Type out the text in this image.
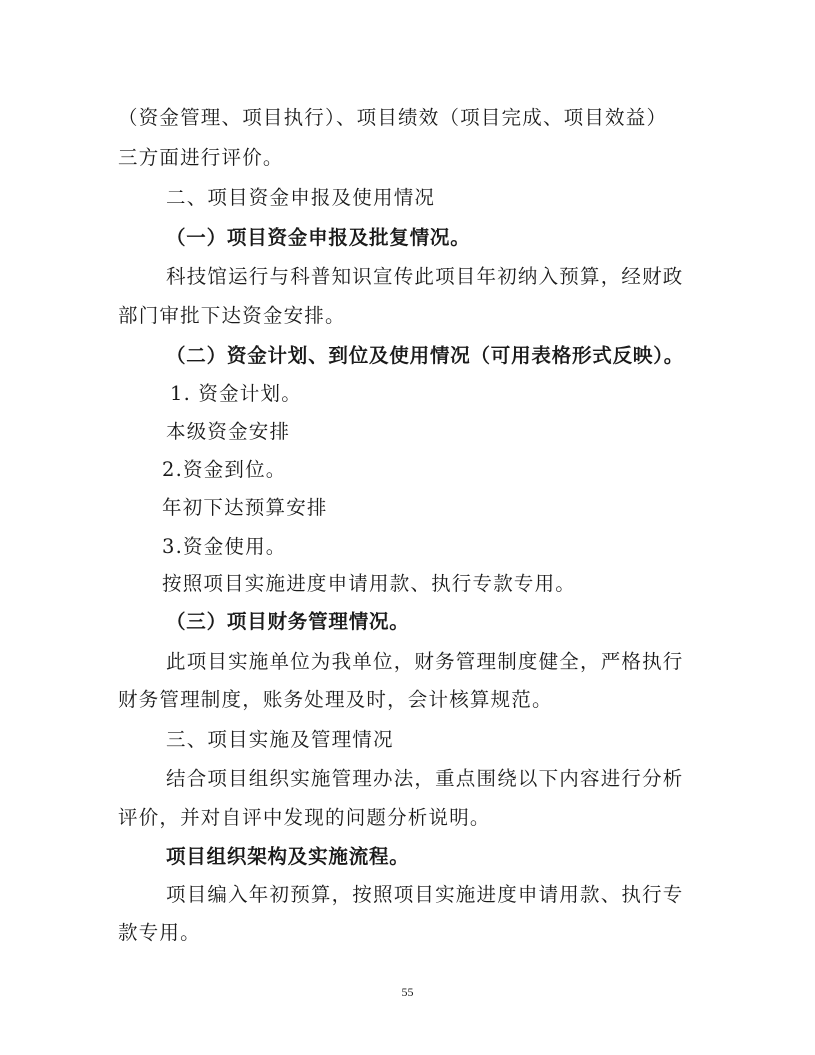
（资金管理、项目执行）、项目绩效（项目完成、项目效益）
三方面进行评价。
二、项目资金申报及使用情况
（一）项目资金申报及批复情况。
科技馆运行与科普知识宣传此项目年初纳入预算，经财政
部门审批下达资金安排。
（二）资金计划、到位及使用情况（可用表格形式反映）。
1. 资金计划。
本级资金安排
2.资金到位。
年初下达预算安排
3.资金使用。
按照项目实施进度申请用款、执行专款专用。
（三）项目财务管理情况。
此项目实施单位为我单位，财务管理制度健全，严格执行
财务管理制度，账务处理及时，会计核算规范。
三、项目实施及管理情况
结合项目组织实施管理办法，重点围绕以下内容进行分析
评价，并对自评中发现的问题分析说明。
项目组织架构及实施流程。
项目编入年初预算，按照项目实施进度申请用款、执行专
款专用。
55
